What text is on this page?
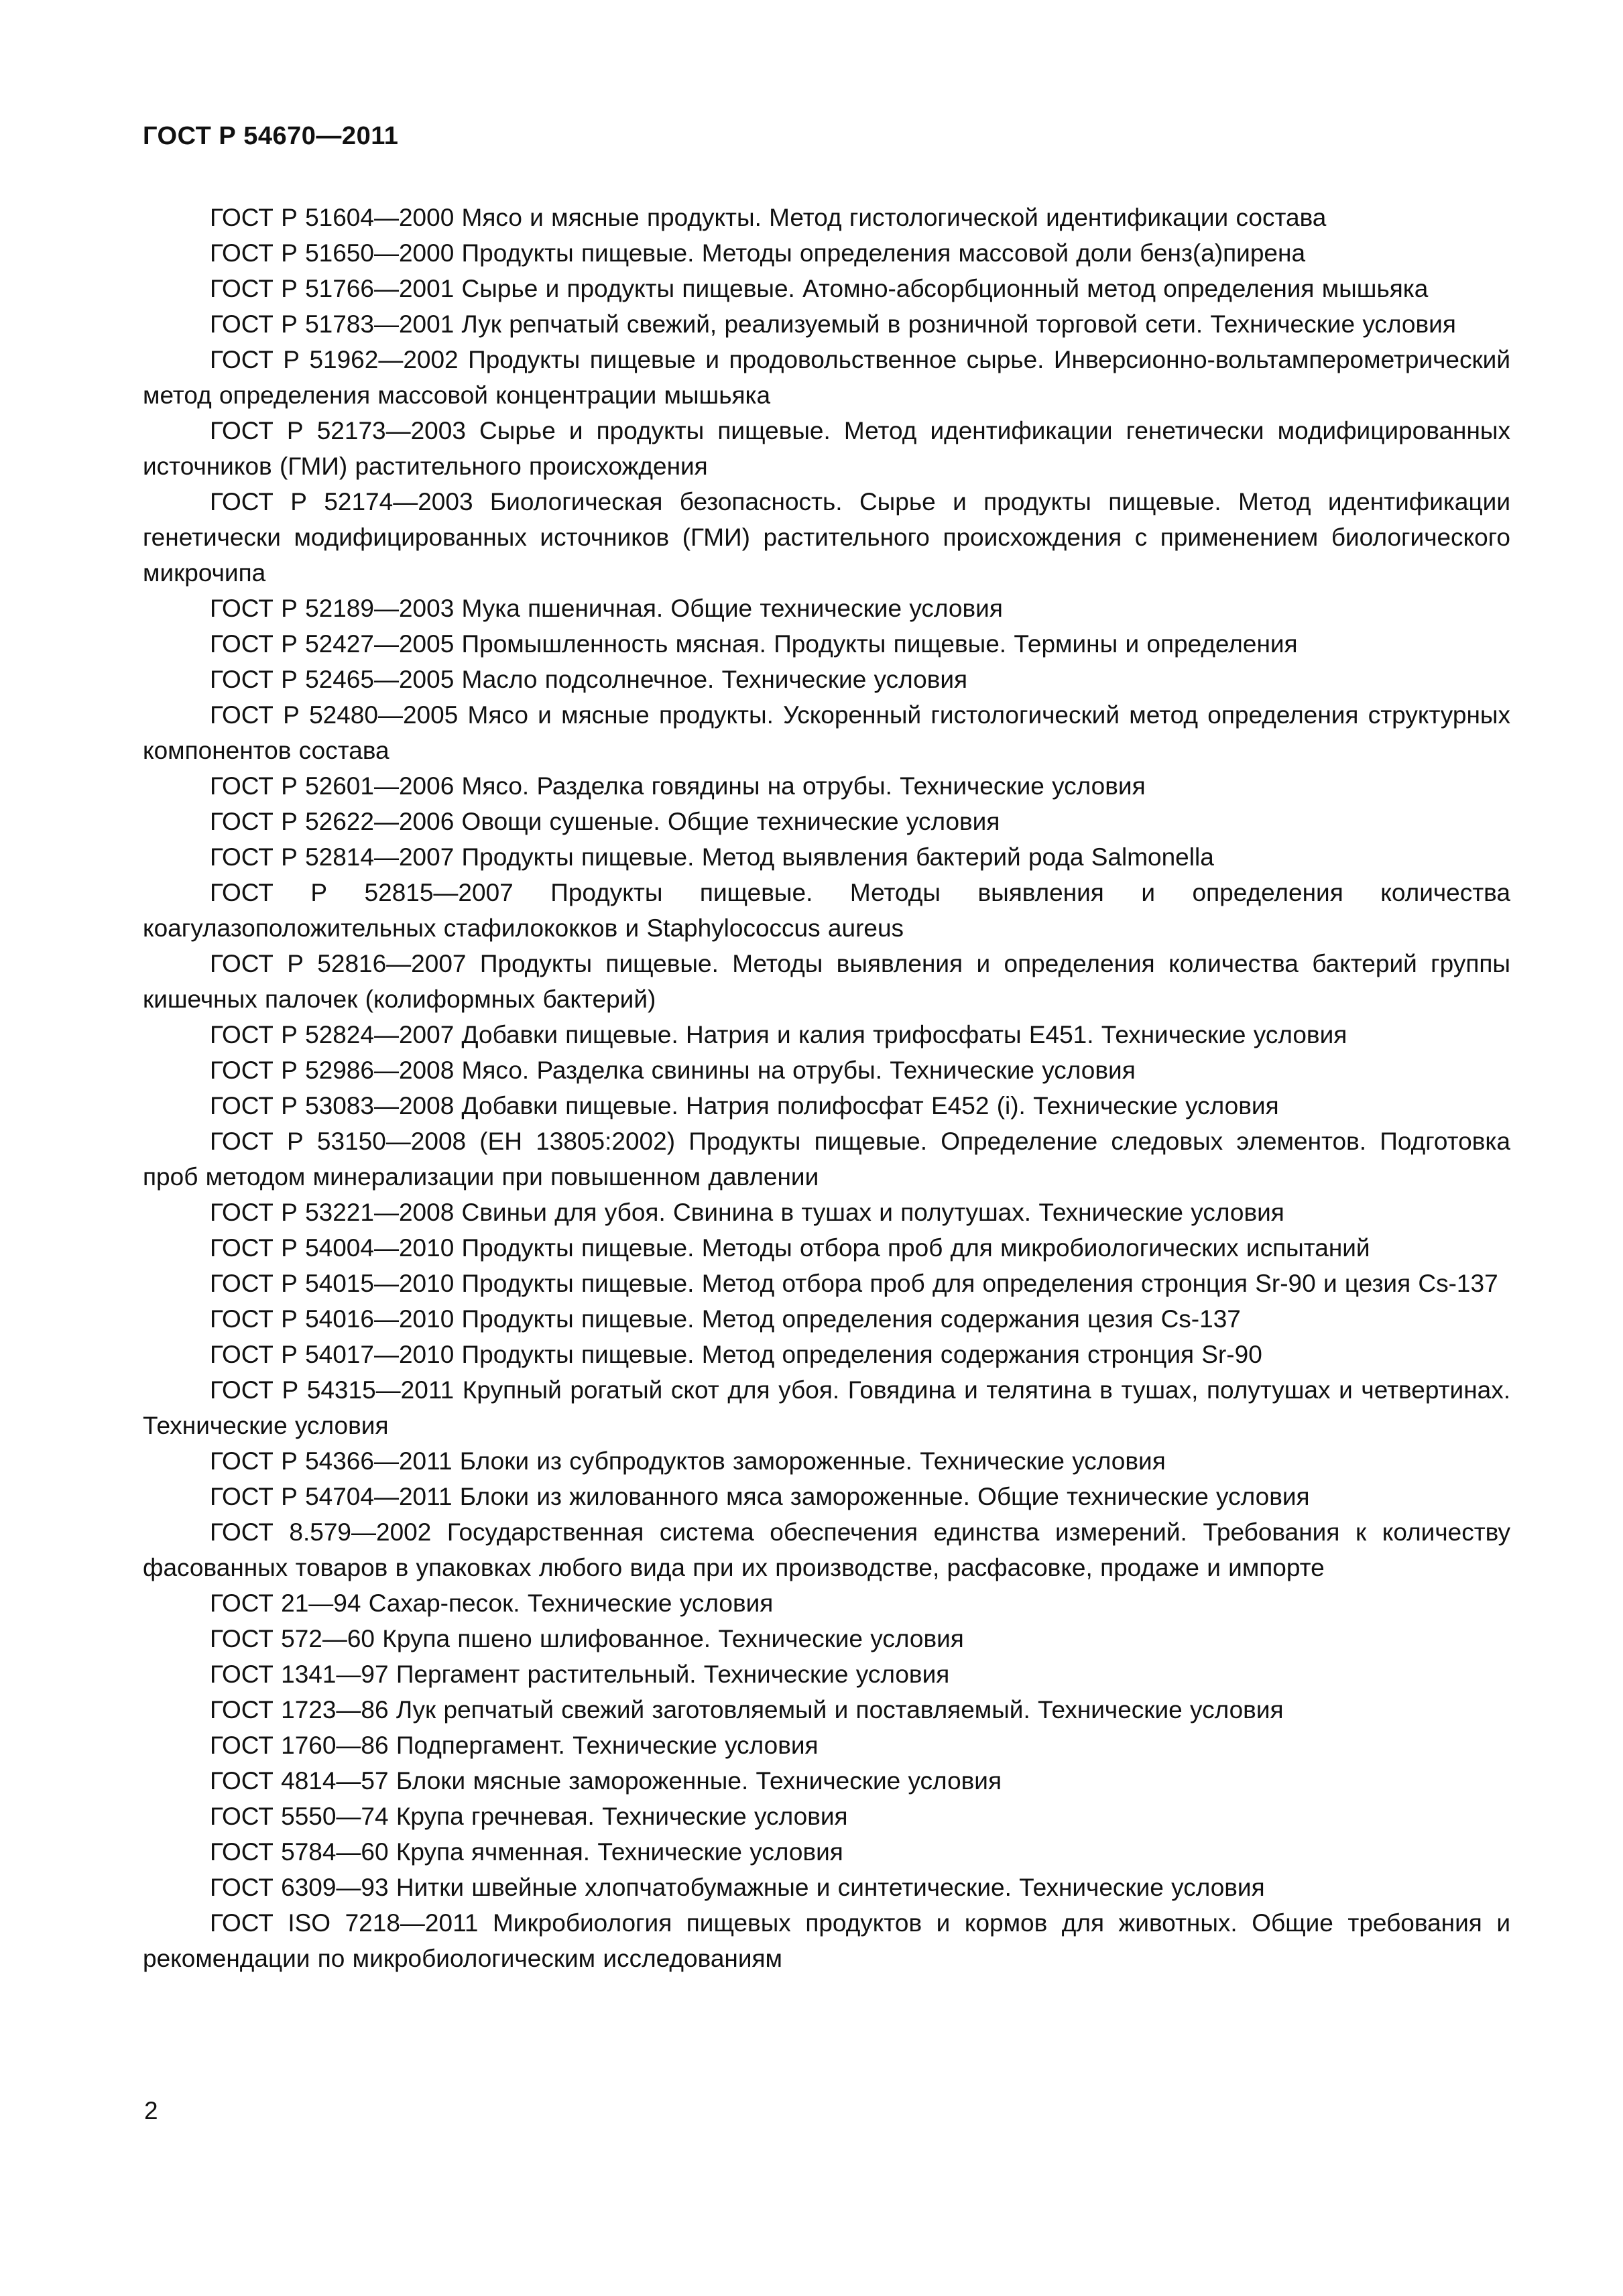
ГОСТ Р 54670—2011

ГОСТ Р 51604—2000 Мясо и мясные продукты. Метод гистологической идентификации состава

ГОСТ Р 51650—2000 Продукты пищевые. Методы определения массовой доли бенз(а)пирена

ГОСТ Р 51766—2001 Сырье и продукты пищевые. Атомно-абсорбционный метод определения мышьяка

ГОСТ Р 51783—2001 Лук репчатый свежий, реализуемый в розничной торговой сети. Технические условия

ГОСТ Р 51962—2002 Продукты пищевые и продовольственное сырье. Инверсионно-вольтамперометрический метод определения массовой концентрации мышьяка

ГОСТ Р 52173—2003 Сырье и продукты пищевые. Метод идентификации генетически модифицированных источников (ГМИ) растительного происхождения

ГОСТ Р 52174—2003 Биологическая безопасность. Сырье и продукты пищевые. Метод идентификации генетически модифицированных источников (ГМИ) растительного происхождения с применением биологического микрочипа

ГОСТ Р 52189—2003 Мука пшеничная. Общие технические условия

ГОСТ Р 52427—2005 Промышленность мясная. Продукты пищевые. Термины и определения

ГОСТ Р 52465—2005 Масло подсолнечное. Технические условия

ГОСТ Р 52480—2005 Мясо и мясные продукты. Ускоренный гистологический метод определения структурных компонентов состава

ГОСТ Р 52601—2006 Мясо. Разделка говядины на отрубы. Технические условия

ГОСТ Р 52622—2006 Овощи сушеные. Общие технические условия

ГОСТ Р 52814—2007 Продукты пищевые. Метод выявления бактерий рода Salmonella

ГОСТ Р 52815—2007 Продукты пищевые. Методы выявления и определения количества коагулазоположительных стафилококков и Staphylococcus aureus

ГОСТ Р 52816—2007 Продукты пищевые. Методы выявления и определения количества бактерий группы кишечных палочек (колиформных бактерий)

ГОСТ Р 52824—2007 Добавки пищевые. Натрия и калия трифосфаты Е451. Технические условия

ГОСТ Р 52986—2008 Мясо. Разделка свинины на отрубы. Технические условия

ГОСТ Р 53083—2008 Добавки пищевые. Натрия полифосфат Е452 (i). Технические условия

ГОСТ Р 53150—2008 (ЕН 13805:2002) Продукты пищевые. Определение следовых элементов. Подготовка проб методом минерализации при повышенном давлении

ГОСТ Р 53221—2008 Свиньи для убоя. Свинина в тушах и полутушах. Технические условия

ГОСТ Р 54004—2010 Продукты пищевые. Методы отбора проб для микробиологических испытаний

ГОСТ Р 54015—2010 Продукты пищевые. Метод отбора проб для определения стронция Sr-90 и цезия Cs-137

ГОСТ Р 54016—2010 Продукты пищевые. Метод определения содержания цезия Cs-137

ГОСТ Р 54017—2010 Продукты пищевые. Метод определения содержания стронция Sr-90

ГОСТ Р 54315—2011 Крупный рогатый скот для убоя. Говядина и телятина в тушах, полутушах и четвертинах. Технические условия

ГОСТ Р 54366—2011 Блоки из субпродуктов замороженные. Технические условия

ГОСТ Р 54704—2011 Блоки из жилованного мяса замороженные. Общие технические условия

ГОСТ 8.579—2002 Государственная система обеспечения единства измерений. Требования к количеству фасованных товаров в упаковках любого вида при их производстве, расфасовке, продаже и импорте

ГОСТ 21—94 Сахар-песок. Технические условия

ГОСТ 572—60 Крупа пшено шлифованное. Технические условия

ГОСТ 1341—97 Пергамент растительный. Технические условия

ГОСТ 1723—86 Лук репчатый свежий заготовляемый и поставляемый. Технические условия

ГОСТ 1760—86 Подпергамент. Технические условия

ГОСТ 4814—57 Блоки мясные замороженные. Технические условия

ГОСТ 5550—74 Крупа гречневая. Технические условия

ГОСТ 5784—60 Крупа ячменная. Технические условия

ГОСТ 6309—93 Нитки швейные хлопчатобумажные и синтетические. Технические условия

ГОСТ ISO 7218—2011 Микробиология пищевых продуктов и кормов для животных. Общие требования и рекомендации по микробиологическим исследованиям

2
